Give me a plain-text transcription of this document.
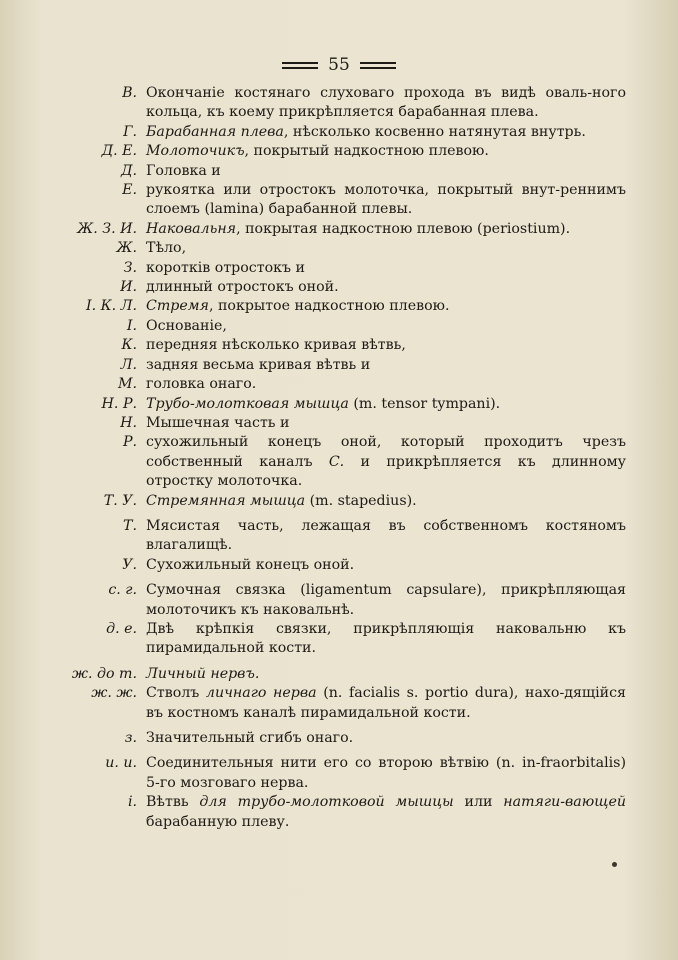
55
В. Окончаніе костянаго слуховаго прохода въ видѣ оваль-ного кольца, къ коему прикрѣпляется барабанная плева.
Г. Барабанная плева, нѣсколько косвенно натянутая внутрь.
Д. Е. Молоточикъ, покрытый надкостною плевою.
Д. Головка и
Е. рукоятка или отростокъ молоточка, покрытый внут-реннимъ слоемъ (lamina) барабанной плевы.
Ж. З. И. Наковальня, покрытая надкостною плевою (periostium).
Ж. Тѣло,
З. коротків отростокъ и
И. длинный отростокъ оной.
І. К. Л. Стремя, покрытое надкостною плевою.
І. Основаніе,
К. передняя нѣсколько кривая вѣтвь,
Л. задняя весьма кривая вѣтвь и
М. головка онаго.
Н. Р. Трубо-молотковая мышца (m. tensor tympani).
Н. Мышечная часть и
Р. сухожильный конецъ оной, который проходитъ чрезъ собственный каналъ С. и прикрѣпляется къ длинному отростку молоточка.
Т. У. Стремянная мышца (m. stapedius).
Т. Мясистая часть, лежащая въ собственномъ костяномъ влагалищѣ.
У. Сухожильный конецъ оной.
с. г. Сумочная связка (ligamentum capsulare), прикрѣпляющая молоточикъ къ наковальнѣ.
д. е. Двѣ крѣпкія связки, прикрѣпляющія наковальню къ пирамидальной кости.
ж. до т. Личный нервъ.
ж. ж. Стволъ личнаго нерва (n. facialis s. portio dura), нахо-дящійся въ костномъ каналѣ пирамидальной кости.
з. Значительный сгибъ онаго.
и. и. Соединительныя нити его со второю вѣтвію (n. in-fraorbitalis) 5-го мозговаго нерва.
і. Вѣтвь для трубо-молотковой мышцы или натяги-вающей барабанную плеву.
